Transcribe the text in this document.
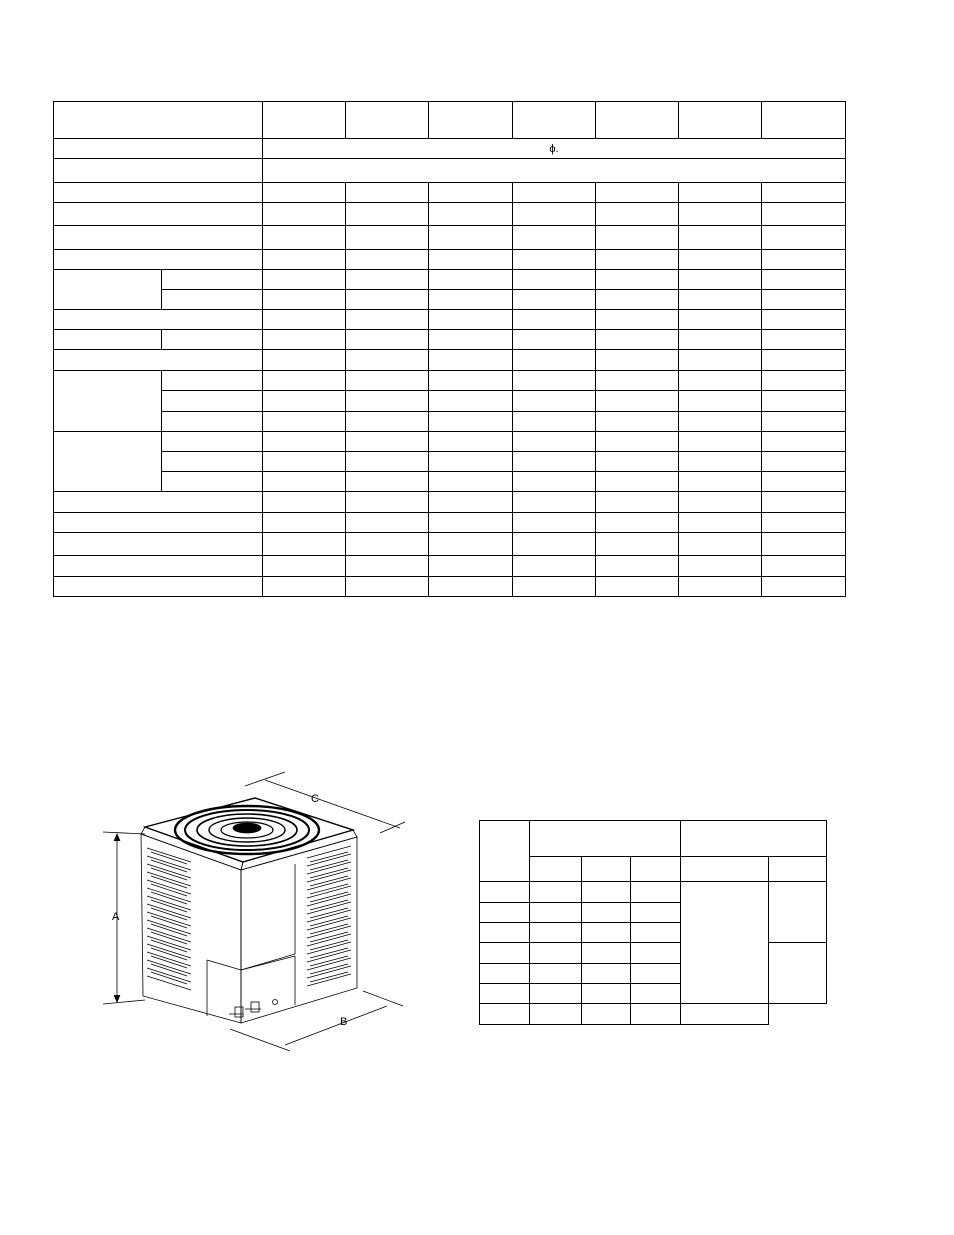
		ϕ.						

A
C
B
